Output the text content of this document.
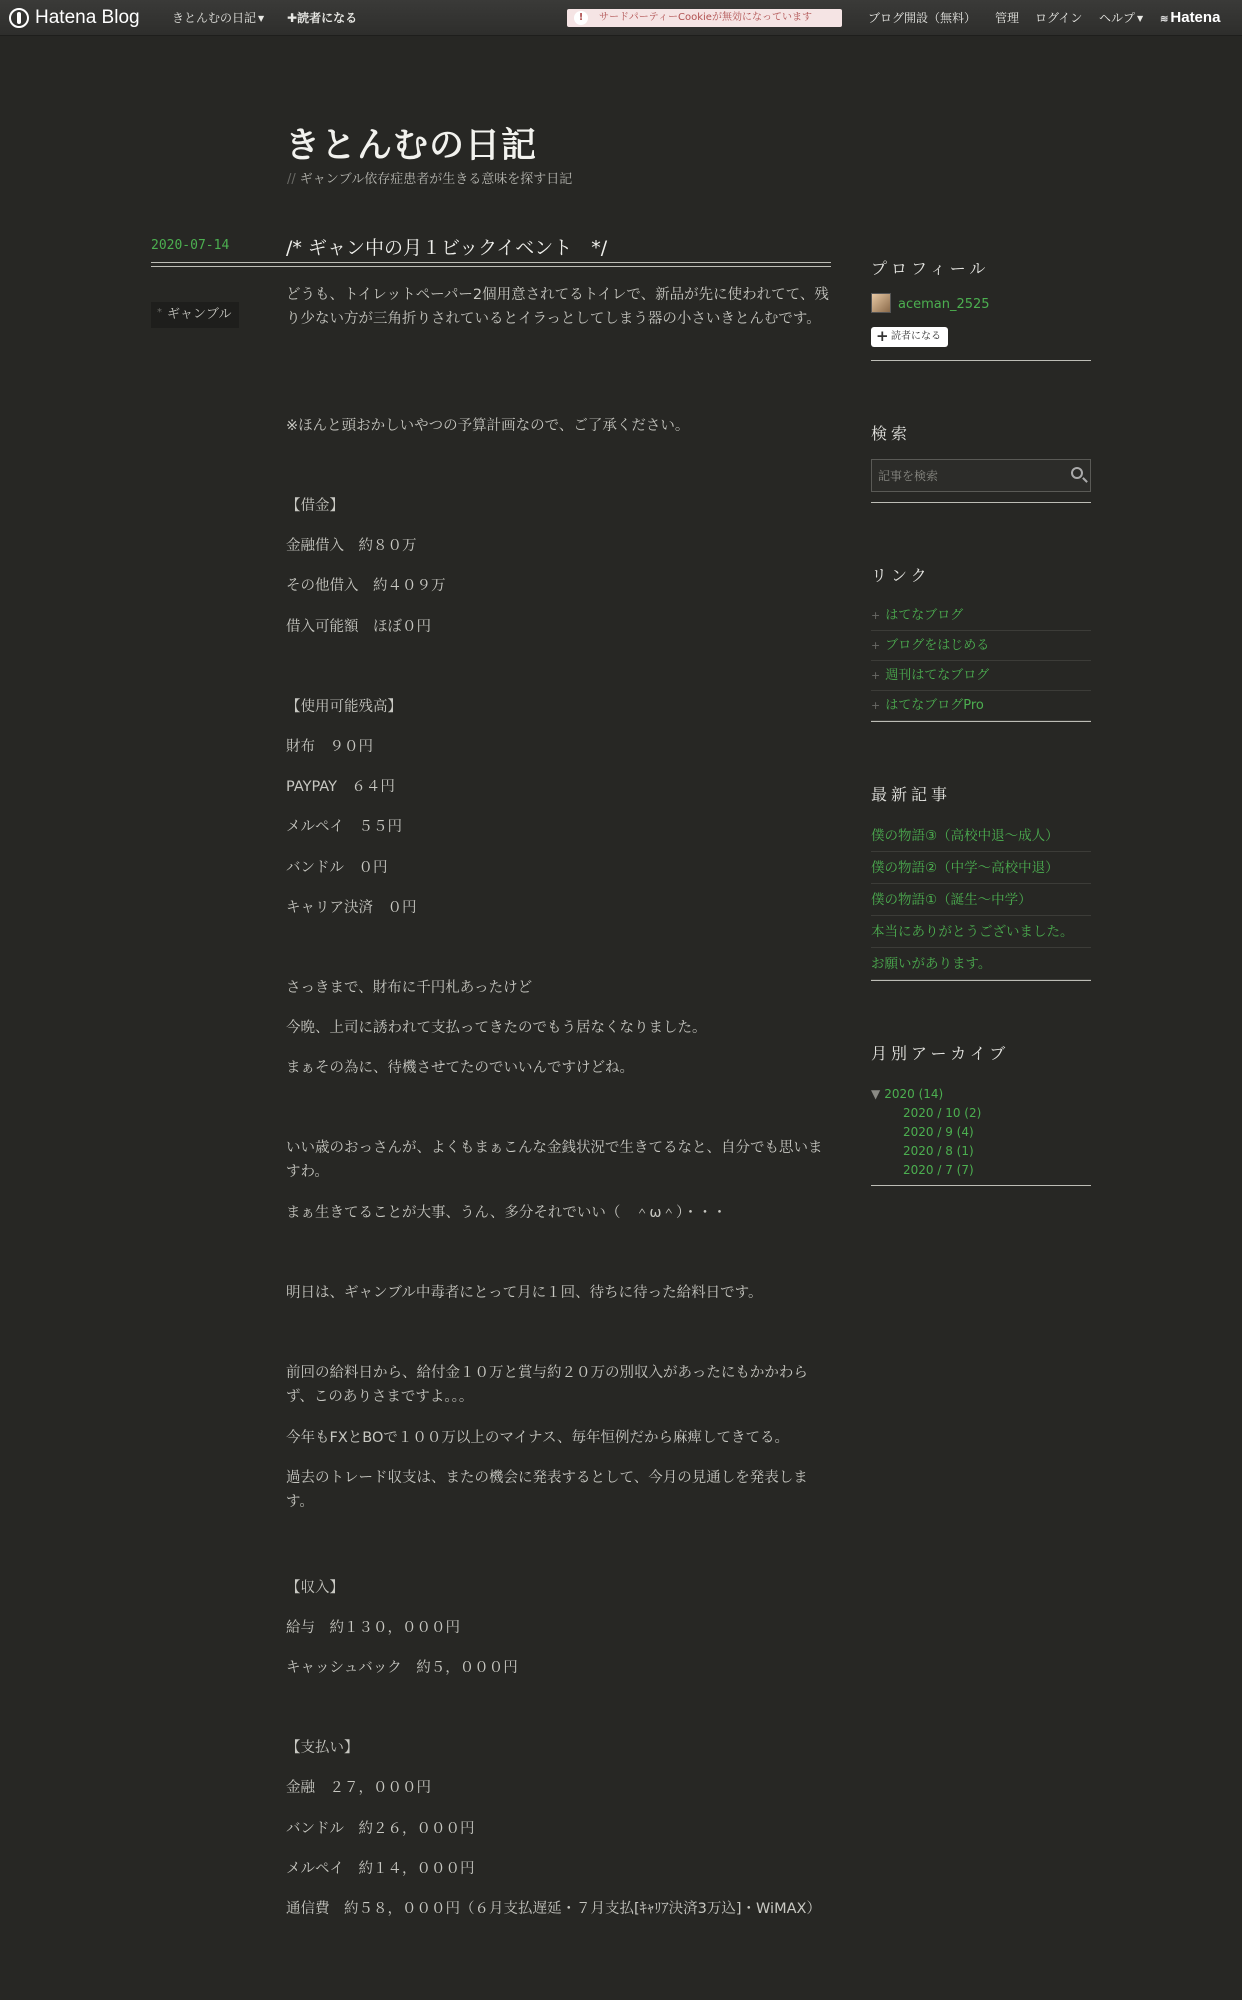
Hatena Blog	きとんむの日記 ▼ ✚読者になる	!	サードパーティーCookieが無効になっています	ブログ開設（無料） 管理 ログイン ヘルプ ▼ ≋ Hatena
きとんむの日記
// ギャンブル依存症患者が生きる意味を探す日記
2020-07-14	/* ギャン中の月１ビックイベント　*/
* ギャンブル

どうも、トイレットペーパー2個用意されてるトイレで、新品が先に使われてて、残り少ない方が三角折りされているとイラっとしてしまう器の小さいきとんむです。

※ほんと頭おかしいやつの予算計画なので、ご了承ください。

【借金】

金融借入　約８０万

その他借入　約４０９万

借入可能額　ほぼ０円

【使用可能残高】

財布　９０円

PAYPAY　６４円

メルペイ　５５円

バンドル　０円

キャリア決済　０円

さっきまで、財布に千円札あったけど

今晩、上司に誘われて支払ってきたのでもう居なくなりました。

まぁその為に、待機させてたのでいいんですけどね。

いい歳のおっさんが、よくもまぁこんな金銭状況で生きてるなと、自分でも思いますわ。

まぁ生きてることが大事、うん、多分それでいい（　＾ω＾）・・・

明日は、ギャンブル中毒者にとって月に１回、待ちに待った給料日です。

前回の給料日から、給付金１０万と賞与約２０万の別収入があったにもかかわらず、このありさまですよ。。。

今年もFXとBOで１００万以上のマイナス、毎年恒例だから麻痺してきてる。

過去のトレード収支は、またの機会に発表するとして、今月の見通しを発表します。

【収入】

給与　約１３０，０００円

キャッシュバック　約５，０００円

【支払い】

金融　２７，０００円

バンドル　約２６，０００円

メルペイ　約１４，０００円

通信費　約５８，０００円（６月支払遅延・７月支払[ｷｬﾘｱ決済3万込]・WiMAX）

プロフィール
aceman_2525
+ 読者になる
検索
記事を検索
リンク
+ はてなブログ
+ ブログをはじめる
+ 週刊はてなブログ
+ はてなブログPro
最新記事
僕の物語③（高校中退～成人）
僕の物語②（中学～高校中退）
僕の物語①（誕生～中学）
本当にありがとうございました。
お願いがあります。
月別アーカイブ
▼ 2020 (14)
2020 / 10 (2)
2020 / 9 (4)
2020 / 8 (1)
2020 / 7 (7)
